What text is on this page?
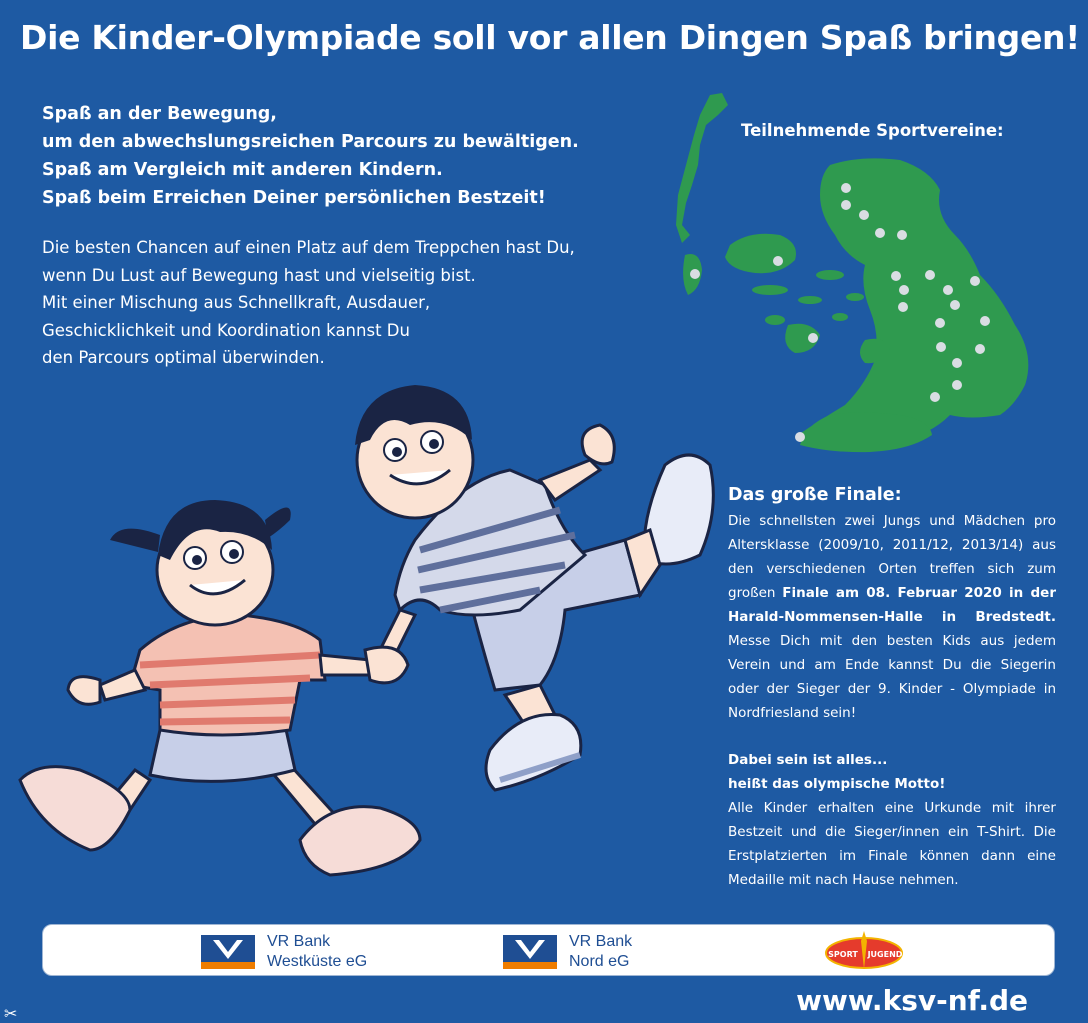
Die Kinder-Olympiade soll vor allen Dingen Spaß bringen!
Spaß an der Bewegung,
um den abwechslungsreichen Parcours zu bewältigen.
Spaß am Vergleich mit anderen Kindern.
Spaß beim Erreichen Deiner persönlichen Bestzeit!
Die besten Chancen auf einen Platz auf dem Treppchen hast Du,
wenn Du Lust auf Bewegung hast und vielseitig bist.
Mit einer Mischung aus Schnellkraft, Ausdauer,
Geschicklichkeit und Koordination kannst Du
den Parcours optimal überwinden.
Teilnehmende Sportvereine:
Das große Finale:

Die schnellsten zwei Jungs und Mädchen pro Altersklasse (2009/10, 2011/12, 2013/14) aus den verschiedenen Orten treffen sich zum großen Finale am 08. Februar 2020 in der Harald-Nommensen-Halle in Bredstedt. Messe Dich mit den besten Kids aus jedem Verein und am Ende kannst Du die Siegerin oder der Sieger der 9. Kinder - Olympiade in Nordfriesland sein!

Dabei sein ist alles...
heißt das olympische Motto!

Alle Kinder erhalten eine Urkunde mit ihrer Bestzeit und die Sieger/innen ein T-Shirt. Die Erstplatzierten im Finale können dann eine Medaille mit nach Hause nehmen.

VR Bank
Westküste eG
VR Bank
Nord eG	SPORT JUGEND
www.ksv-nf.de
✂
